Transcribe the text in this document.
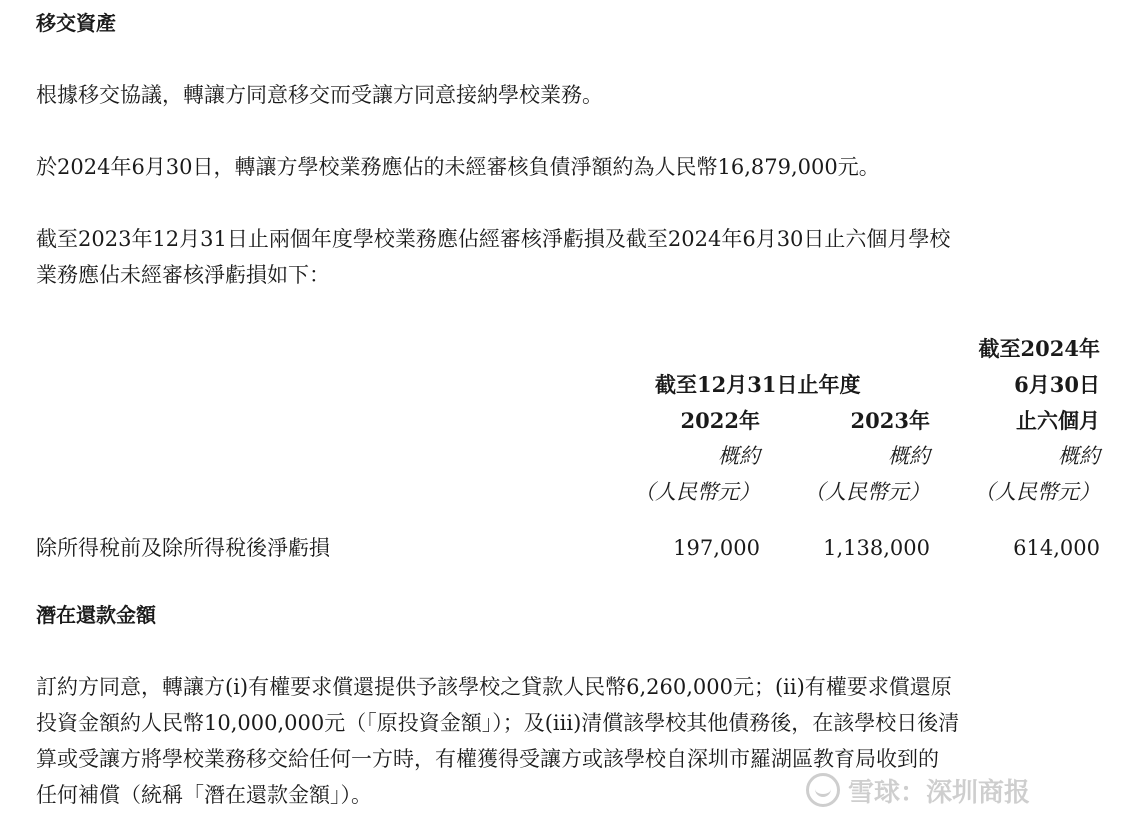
移交資產
根據移交協議，轉讓方同意移交而受讓方同意接納學校業務。
於2024年6月30日，轉讓方學校業務應佔的未經審核負債淨額約為人民幣16,879,000元。
截至2023年12月31日止兩個年度學校業務應佔經審核淨虧損及截至2024年6月30日止六個月學校
業務應佔未經審核淨虧損如下：
截至2024年
截至12月31日止年度	6月30日
2022年	2023年	止六個月
概約	概約	概約
（人民幣元） （人民幣元） （人民幣元）
除所得稅前及除所得稅後淨虧損	197,000	1,138,000	614,000
潛在還款金額
訂約方同意，轉讓方(i)有權要求償還提供予該學校之貸款人民幣6,260,000元；(ii)有權要求償還原
投資金額約人民幣10,000,000元（「原投資金額」）；及(iii)清償該學校其他債務後，在該學校日後清
算或受讓方將學校業務移交給任何一方時，有權獲得受讓方或該學校自深圳市羅湖區教育局收到的
任何補償（統稱「潛在還款金額」）。	雪球：深圳商报
